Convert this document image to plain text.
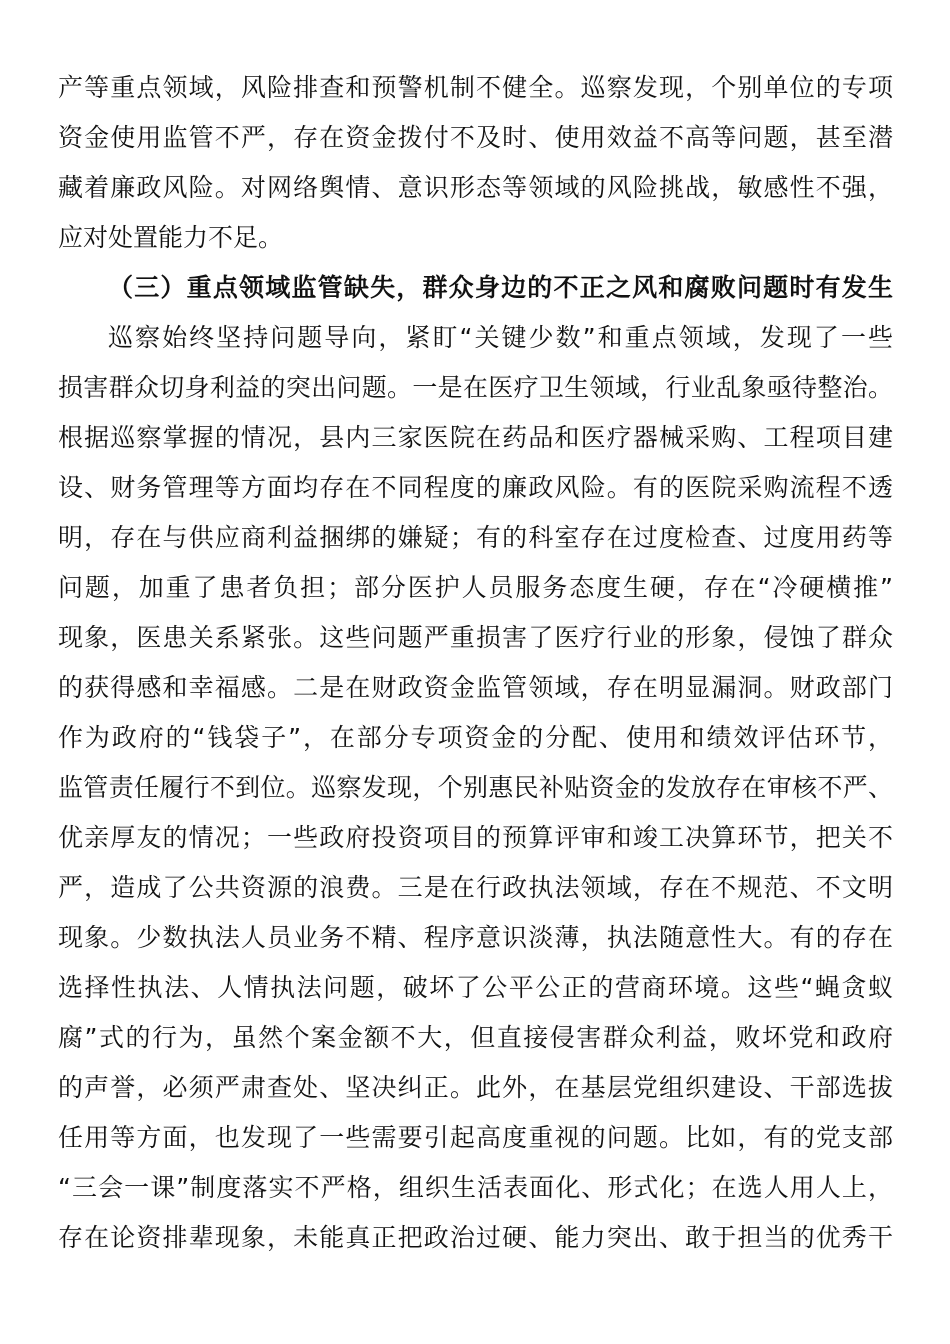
产等重点领域，风险排查和预警机制不健全。巡察发现，个别单位的专项
资金使用监管不严，存在资金拨付不及时、使用效益不高等问题，甚至潜
藏着廉政风险。对网络舆情、意识形态等领域的风险挑战，敏感性不强，
应对处置能力不足。
（三）重点领域监管缺失，群众身边的不正之风和腐败问题时有发生
巡察始终坚持问题导向，紧盯“关键少数”和重点领域，发现了一些
损害群众切身利益的突出问题。一是在医疗卫生领域，行业乱象亟待整治。
根据巡察掌握的情况，县内三家医院在药品和医疗器械采购、工程项目建
设、财务管理等方面均存在不同程度的廉政风险。有的医院采购流程不透
明，存在与供应商利益捆绑的嫌疑；有的科室存在过度检查、过度用药等
问题，加重了患者负担；部分医护人员服务态度生硬，存在“冷硬横推”
现象，医患关系紧张。这些问题严重损害了医疗行业的形象，侵蚀了群众
的获得感和幸福感。二是在财政资金监管领域，存在明显漏洞。财政部门
作为政府的“钱袋子”，在部分专项资金的分配、使用和绩效评估环节，
监管责任履行不到位。巡察发现，个别惠民补贴资金的发放存在审核不严、
优亲厚友的情况；一些政府投资项目的预算评审和竣工决算环节，把关不
严，造成了公共资源的浪费。三是在行政执法领域，存在不规范、不文明
现象。少数执法人员业务不精、程序意识淡薄，执法随意性大。有的存在
选择性执法、人情执法问题，破坏了公平公正的营商环境。这些“蝇贪蚁
腐”式的行为，虽然个案金额不大，但直接侵害群众利益，败坏党和政府
的声誉，必须严肃查处、坚决纠正。此外，在基层党组织建设、干部选拔
任用等方面，也发现了一些需要引起高度重视的问题。比如，有的党支部
“三会一课”制度落实不严格，组织生活表面化、形式化；在选人用人上，
存在论资排辈现象，未能真正把政治过硬、能力突出、敢于担当的优秀干
